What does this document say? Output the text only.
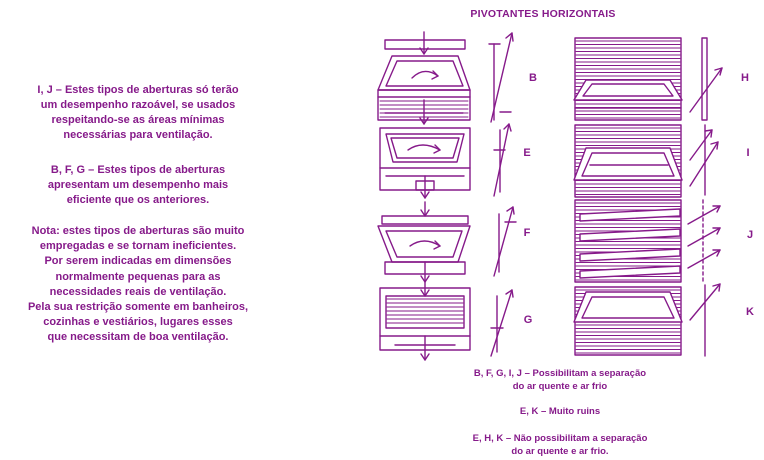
PIVOTANTES HORIZONTAIS
I, J – Estes tipos de aberturas só terão
um desempenho razoável, se usados
respeitando-se as áreas mínimas
necessárias para ventilação.
B, F, G – Estes tipos de aberturas
apresentam um desempenho mais
eficiente que os anteriores.
Nota: estes tipos de aberturas são muito
empregadas e se tornam ineficientes.
Por serem indicadas em dimensões
normalmente pequenas para as
necessidades reais de ventilação.
Pela sua restrição somente em banheiros,
cozinhas e vestiários, lugares esses
que necessitam de boa ventilação.
B
E
F
G
H
I
J
K
B, F, G, I, J – Possibilitam a separação
do ar quente e ar frio
E, K – Muito ruins
E, H, K – Não possibilitam a separação
do ar quente e ar frio.
